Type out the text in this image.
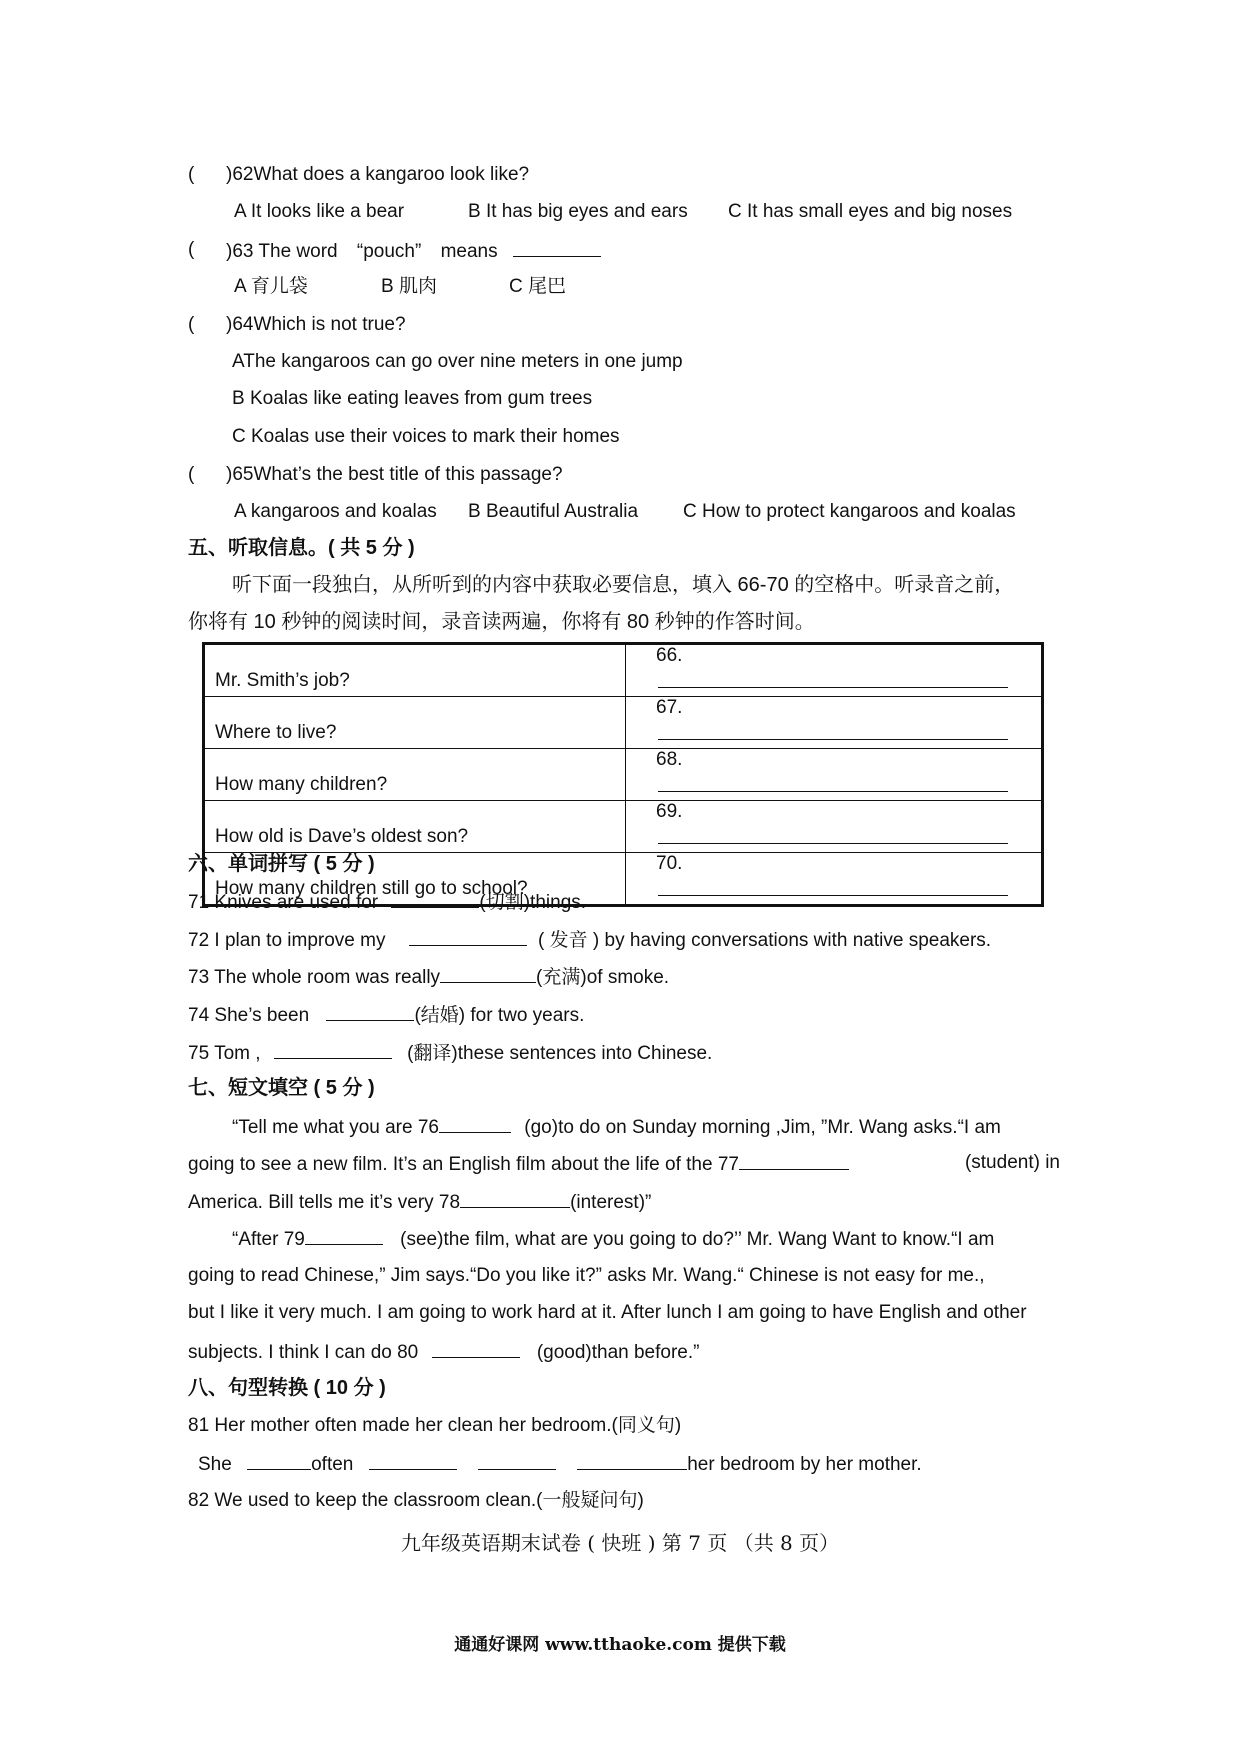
( )62What does a kangaroo look like?
A It looks like a bear	B It has big eyes and ears C It has small eyes and big noses
( )63 The word “pouch” means
A 育儿袋	B 肌肉	C 尾巴
( )64Which is not true?
AThe kangaroos can go over nine meters in one jump
B Koalas like eating leaves from gum trees
C Koalas use their voices to mark their homes
( )65What’s the best title of this passage?
A kangaroos and koalas B Beautiful Australia C How to protect kangaroos and koalas
五、听取信息。( 共 5 分 )
听下面一段独白，从所听到的内容中获取必要信息，填入 66-70 的空格中。听录音之前，
你将有 10 秒钟的阅读时间，录音读两遍，你将有 80 秒钟的作答时间。
Mr. Smith’s job?	66.
Where to live?	67.
How many children?	68.
How old is Dave’s oldest son?	69.
How many children still go to school?	70.
六、单词拼写 ( 5 分 )
71 Knives are used for	(切割)things.
72 I plan to improve my	( 发音 ) by having conversations with native speakers.
73 The whole room was really	(充满)of smoke.
74 She’s been	(结婚) for two years.
75 Tom ,	(翻译)these sentences into Chinese.
七、短文填空 ( 5 分 )
“Tell me what you are 76	(go)to do on Sunday morning ,Jim, ”Mr. Wang asks.“I am
going to see a new film. It’s an English film about the life of the 77	(student) in
America. Bill tells me it’s very 78	(interest)”
“After 79	(see)the film, what are you going to do?’’ Mr. Wang Want to know.“I am
going to read Chinese,” Jim says.“Do you like it?” asks Mr. Wang.“ Chinese is not easy for me.,
but I like it very much. I am going to work hard at it. After lunch I am going to have English and other
subjects. I think I can do 80	(good)than before.”
八、句型转换 ( 10 分 )
81 Her mother often made her clean her bedroom.(同义句)
She	often	her bedroom by her mother.
82 We used to keep the classroom clean.(一般疑问句)
九年级英语期末试卷 ( 快班 ) 第 7 页 （共 8 页）
通通好课网 www.tthaoke.com 提供下载
